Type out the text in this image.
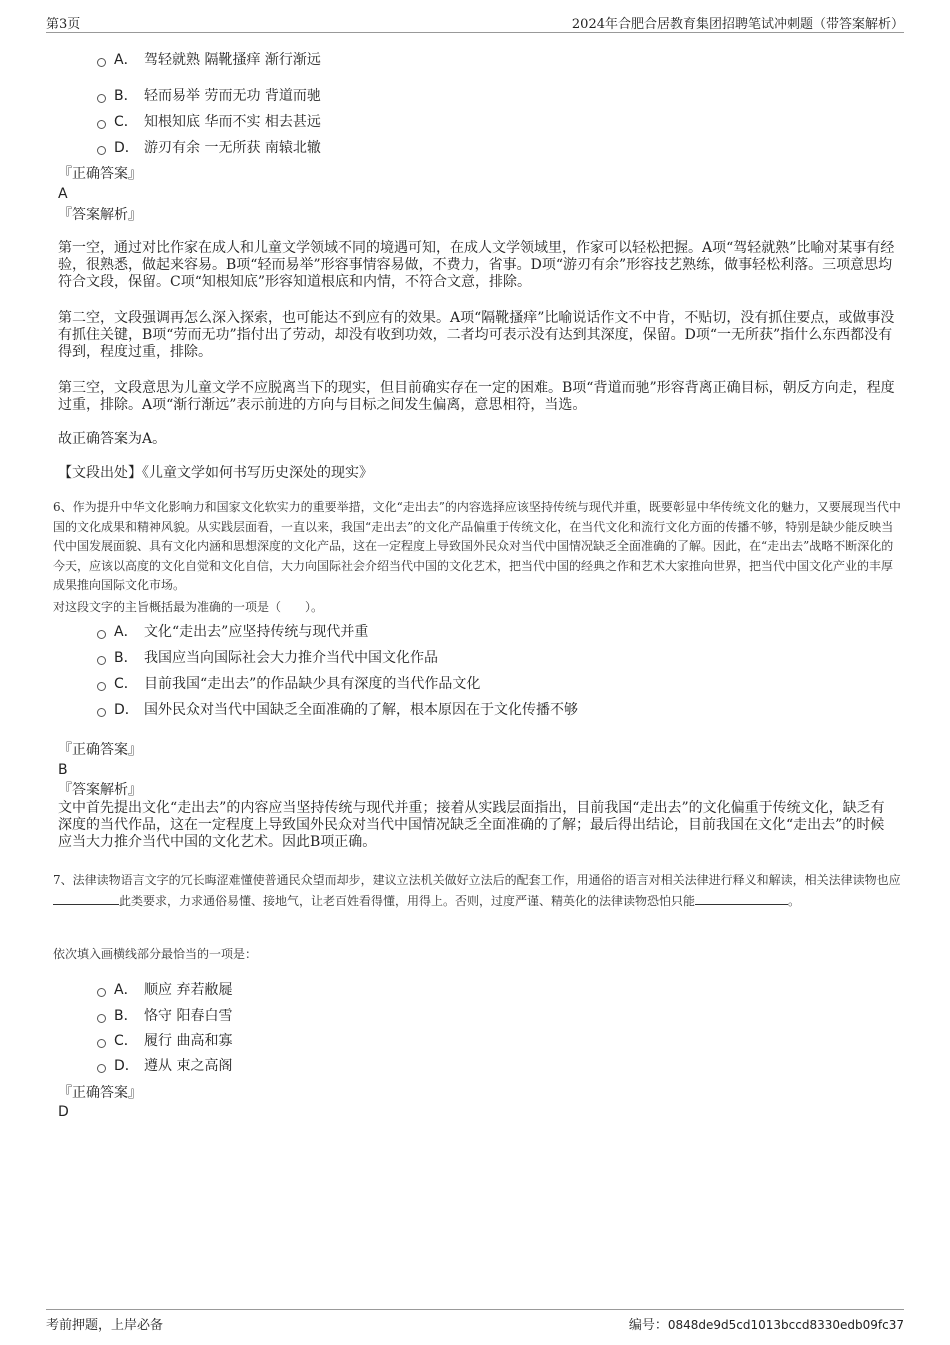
第3页	2024年合肥合居教育集团招聘笔试冲刺题（带答案解析）
A． 驾轻就熟 隔靴搔痒 渐行渐远
B． 轻而易举 劳而无功 背道而驰
C． 知根知底 华而不实 相去甚远
D． 游刃有余 一无所获 南辕北辙
『正确答案』
A
『答案解析』
第一空，通过对比作家在成人和儿童文学领域不同的境遇可知，在成人文学领域里，作家可以轻松把握。A项“驾轻就熟”比喻对某事有经验，很熟悉，做起来容易。B项“轻而易举”形容事情容易做，不费力，省事。D项“游刃有余”形容技艺熟练，做事轻松利落。三项意思均符合文段，保留。C项“知根知底”形容知道根底和内情，不符合文意，排除。
第二空，文段强调再怎么深入探索，也可能达不到应有的效果。A项“隔靴搔痒”比喻说话作文不中肯，不贴切，没有抓住要点，或做事没有抓住关键，B项“劳而无功”指付出了劳动，却没有收到功效，二者均可表示没有达到其深度，保留。D项“一无所获”指什么东西都没有得到，程度过重，排除。
第三空，文段意思为儿童文学不应脱离当下的现实，但目前确实存在一定的困难。B项“背道而驰”形容背离正确目标，朝反方向走，程度过重，排除。A项“渐行渐远”表示前进的方向与目标之间发生偏离，意思相符，当选。
故正确答案为A。
【文段出处】《儿童文学如何书写历史深处的现实》
6、作为提升中华文化影响力和国家文化软实力的重要举措，文化“走出去”的内容选择应该坚持传统与现代并重，既要彰显中华传统文化的魅力，又要展现当代中国的文化成果和精神风貌。从实践层面看，一直以来，我国“走出去”的文化产品偏重于传统文化，在当代文化和流行文化方面的传播不够，特别是缺少能反映当代中国发展面貌、具有文化内涵和思想深度的文化产品，这在一定程度上导致国外民众对当代中国情况缺乏全面准确的了解。因此，在“走出去”战略不断深化的今天，应该以高度的文化自觉和文化自信，大力向国际社会介绍当代中国的文化艺术，把当代中国的经典之作和艺术大家推向世界，把当代中国文化产业的丰厚成果推向国际文化市场。
对这段文字的主旨概括最为准确的一项是（　　）。
A． 文化“走出去”应坚持传统与现代并重
B． 我国应当向国际社会大力推介当代中国文化作品
C． 目前我国“走出去”的作品缺少具有深度的当代作品文化
D． 国外民众对当代中国缺乏全面准确的了解，根本原因在于文化传播不够
『正确答案』
B
『答案解析』
文中首先提出文化“走出去”的内容应当坚持传统与现代并重；接着从实践层面指出，目前我国“走出去”的文化偏重于传统文化，缺乏有深度的当代作品，这在一定程度上导致国外民众对当代中国情况缺乏全面准确的了解；最后得出结论，目前我国在文化“走出去”的时候应当大力推介当代中国的文化艺术。因此B项正确。
7、法律读物语言文字的冗长晦涩难懂使普通民众望而却步，建议立法机关做好立法后的配套工作，用通俗的语言对相关法律进行释义和解读，相关法律读物也应此类要求，力求通俗易懂、接地气，让老百姓看得懂，用得上。否则，过度严谨、精英化的法律读物恐怕只能	。
依次填入画横线部分最恰当的一项是：
A． 顺应 弃若敝屣
B． 恪守 阳春白雪
C． 履行 曲高和寡
D． 遵从 束之高阁
『正确答案』
D
考前押题，上岸必备	编号：0848de9d5cd1013bccd8330edb09fc37
